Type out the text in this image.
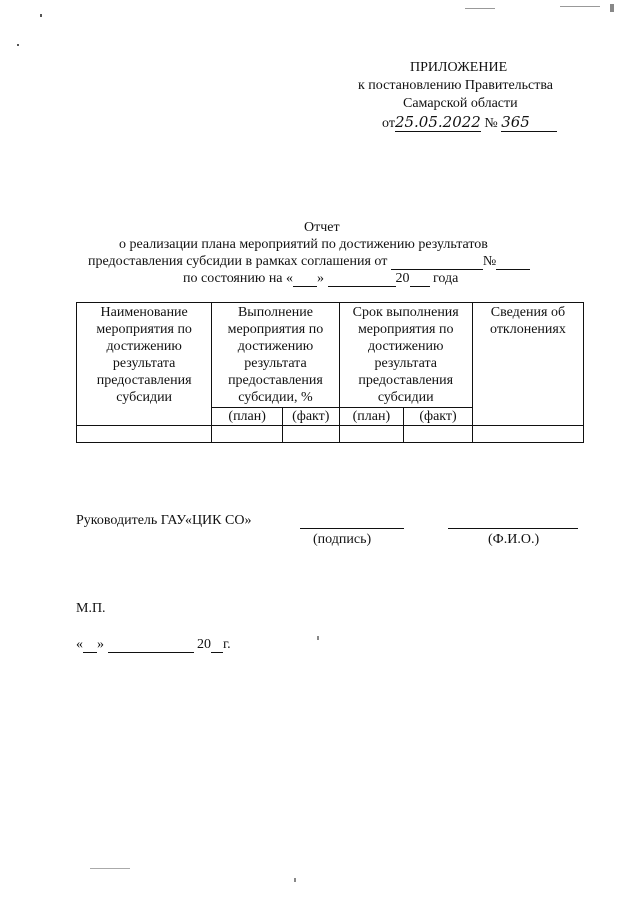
ПРИЛОЖЕНИЕ
к постановлению Правительства
Самарской области
от25.05.2022 № 365
Отчет
о реализации плана мероприятий по достижению результатов
предоставления субсидии в рамках соглашения от	№
по состоянию на « »	20 года
Наименование мероприятия по достижению результата предоставления субсидии	Выполнение мероприятия по достижению результата предоставления субсидии, %		Срок выполнения мероприятия по достижению результата предоставления субсидии		Сведения об отклонениях
	(план)	(факт)	(план)	(факт)	

Руководитель ГАУ«ЦИК СО»
(подпись)	(Ф.И.О.)
М.П.
« »	20 г.
